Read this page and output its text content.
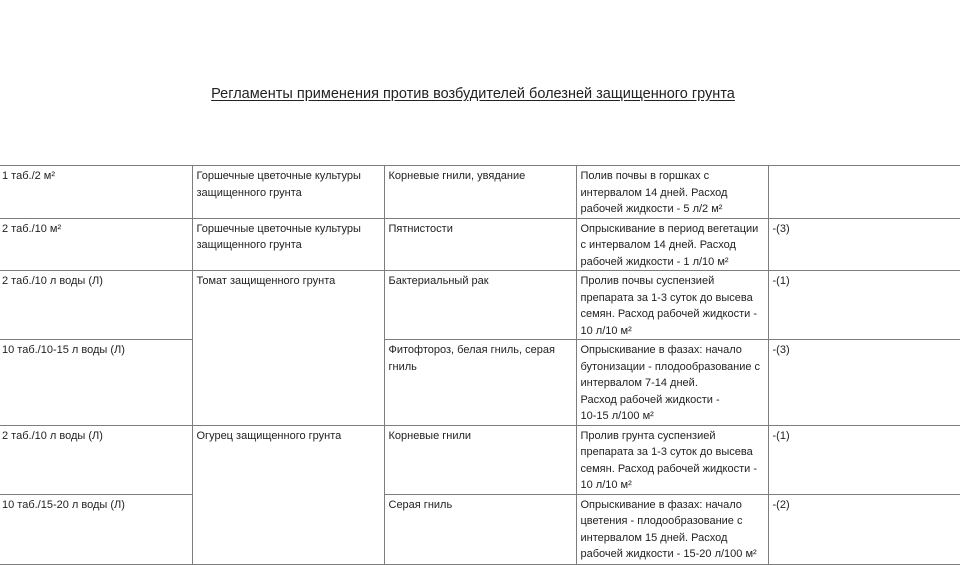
Регламенты применения против возбудителей болезней защищенного грунта
1 таб./2 м²	Горшечные цветочные культуры защищенного грунта	Корневые гнили, увядание	Полив почвы в горшках с
интервалом 14 дней. Расход
рабочей жидкости - 5 л/2 м²	

2 таб./10 м²	Горшечные цветочные культуры защищенного грунта	Пятнистости	Опрыскивание в период вегетации
с интервалом 14 дней. Расход
рабочей жидкости - 1 л/10 м²	-(3)

2 таб./10 л воды (Л)	Томат защищенного грунта	Бактериальный рак	Пролив почвы суспензией
препарата за 1-3 суток до высева
семян. Расход рабочей жидкости -
10 л/10 м²	-(1)

10 таб./10-15 л воды (Л)		Фитофтороз, белая гниль, серая гниль	Опрыскивание в фазах: начало
бутонизации - плодообразование с
интервалом 7-14 дней.
Расход рабочей жидкости -
10-15 л/100 м²	-(3)

2 таб./10 л воды (Л)	Огурец защищенного грунта	Корневые гнили	Пролив грунта суспензией
препарата за 1-3 суток до высева
семян. Расход рабочей жидкости -
10 л/10 м²	-(1)

10 таб./15-20 л воды (Л)		Серая гниль	Опрыскивание в фазах: начало
цветения - плодообразование с
интервалом 15 дней. Расход
рабочей жидкости - 15-20 л/100 м²	-(2)
